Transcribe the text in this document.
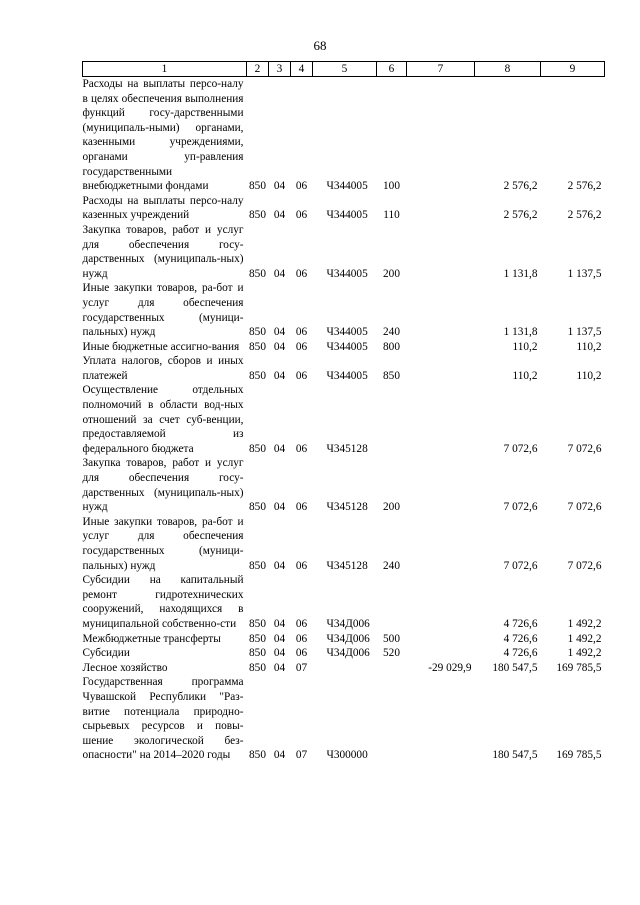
68
1	2	3	4	5	6	7	8	9
Расходы на выплаты персо-налу в целях обеспечения выполнения функций госу-дарственными (муниципаль-ными) органами, казенными учреждениями, органами уп-равления государственными внебюджетными фондами	850	04	06	Ч344005	100		2 576,2	2 576,2
Расходы на выплаты персо-налу казенных учреждений	850	04	06	Ч344005	110		2 576,2	2 576,2
Закупка товаров, работ и услуг для обеспечения госу-дарственных (муниципаль-ных) нужд	850	04	06	Ч344005	200		1 131,8	1 137,5
Иные закупки товаров, ра-бот и услуг для обеспечения государственных (муници-пальных) нужд	850	04	06	Ч344005	240		1 131,8	1 137,5
Иные бюджетные ассигно-вания	850	04	06	Ч344005	800		110,2	110,2
Уплата налогов, сборов и иных платежей	850	04	06	Ч344005	850		110,2	110,2
Осуществление отдельных полномочий в области вод-ных отношений за счет суб-венции, предоставляемой из федерального бюджета	850	04	06	Ч345128			7 072,6	7 072,6
Закупка товаров, работ и услуг для обеспечения госу-дарственных (муниципаль-ных) нужд	850	04	06	Ч345128	200		7 072,6	7 072,6
Иные закупки товаров, ра-бот и услуг для обеспечения государственных (муници-пальных) нужд	850	04	06	Ч345128	240		7 072,6	7 072,6
Субсидии на капитальный ремонт гидротехнических сооружений, находящихся в муниципальной собственно-сти	850	04	06	Ч34Д006			4 726,6	1 492,2
Межбюджетные трансферты	850	04	06	Ч34Д006	500		4 726,6	1 492,2
Субсидии	850	04	06	Ч34Д006	520		4 726,6	1 492,2
Лесное хозяйство	850	04	07			-29 029,9	180 547,5	169 785,5
Государственная программа Чувашской Республики "Раз-витие потенциала природно-сырьевых ресурсов и повы-шение экологической без-опасности" на 2014–2020 годы	850	04	07	Ч300000			180 547,5	169 785,5
